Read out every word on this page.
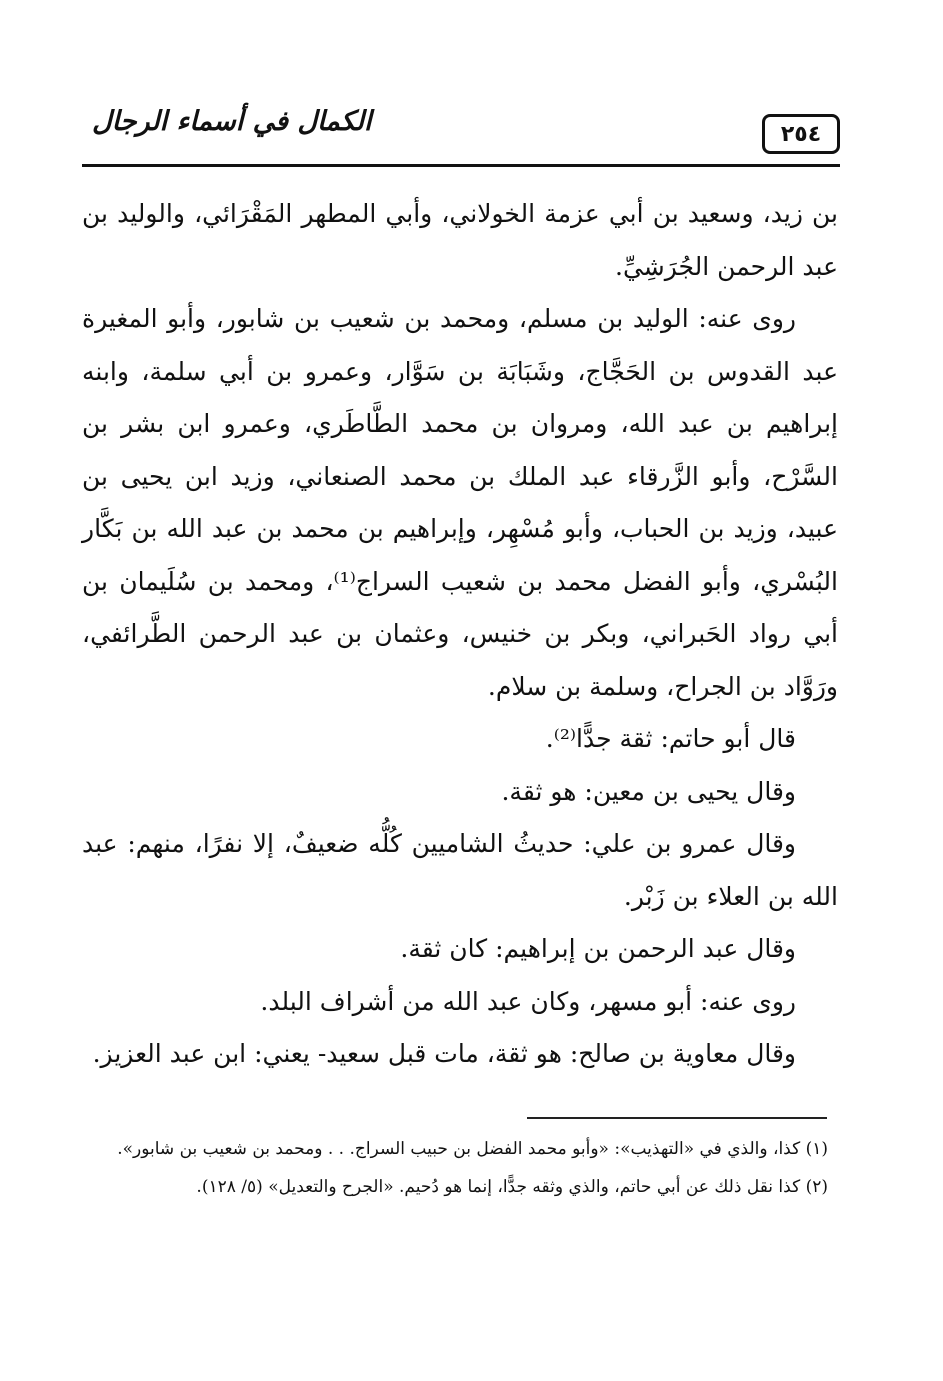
الكمال في أسماء الرجال	٢٥٤

بن زيد، وسعيد بن أبي عزمة الخولاني، وأبي المطهر المَقْرَائي، والوليد بن عبد الرحمن الجُرَشِيِّ.

روى عنه: الوليد بن مسلم، ومحمد بن شعيب بن شابور، وأبو المغيرة عبد القدوس بن الحَجَّاج، وشَبَابَة بن سَوَّار، وعمرو بن أبي سلمة، وابنه إبراهيم بن عبد الله، ومروان بن محمد الطَّاطَري، وعمرو ابن بشر بن السَّرْح، وأبو الزَّرقاء عبد الملك بن محمد الصنعاني، وزيد ابن يحيى بن عبيد، وزيد بن الحباب، وأبو مُسْهِر، وإبراهيم بن محمد بن عبد الله بن بَكَّار البُسْري، وأبو الفضل محمد بن شعيب السراج⁽¹⁾، ومحمد بن سُلَيمان بن أبي رواد الحَبراني، وبكر بن خنيس، وعثمان بن عبد الرحمن الطَّرائفي، ورَوَّاد بن الجراح، وسلمة بن سلام.

قال أبو حاتم: ثقة جدًّا⁽²⁾.

وقال يحيى بن معين: هو ثقة.

وقال عمرو بن علي: حديثُ الشاميين كُلُّه ضعيفٌ، إلا نفرًا، منهم: عبد الله بن العلاء بن زَبْر.

وقال عبد الرحمن بن إبراهيم: كان ثقة.

روى عنه: أبو مسهر، وكان عبد الله من أشراف البلد.

وقال معاوية بن صالح: هو ثقة، مات قبل سعيد- يعني: ابن عبد العزيز.

(١) كذا، والذي في «التهذيب»: «وأبو محمد الفضل بن حبيب السراج. . . ومحمد بن شعيب بن شابور».

(٢) كذا نقل ذلك عن أبي حاتم، والذي وثقه جدًّا، إنما هو دُحيم. «الجرح والتعديل» (٥/ ١٢٨).
